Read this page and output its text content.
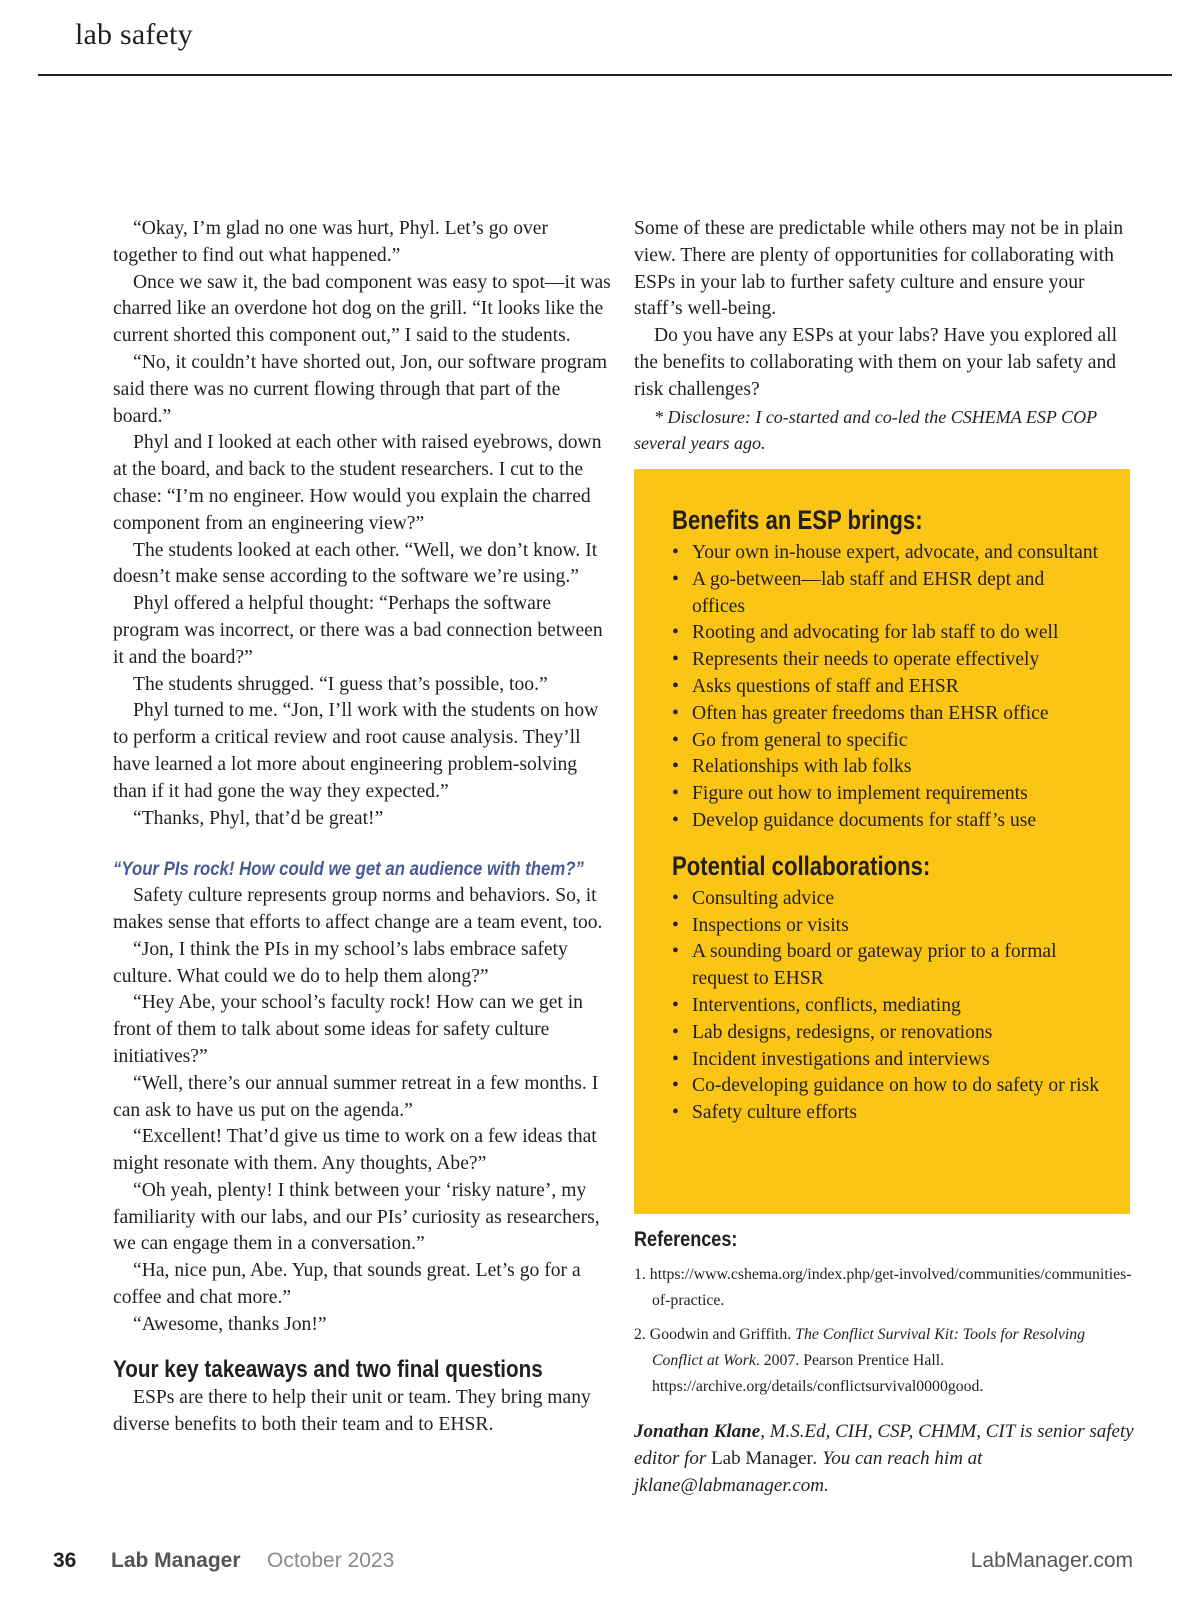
lab safety

“Okay, I’m glad no one was hurt, Phyl. Let’s go over together to find out what happened.”

Once we saw it, the bad component was easy to spot—it was charred like an overdone hot dog on the grill. “It looks like the current shorted this component out,” I said to the students.

“No, it couldn’t have shorted out, Jon, our software program said there was no current flowing through that part of the board.”

Phyl and I looked at each other with raised eyebrows, down at the board, and back to the student researchers. I cut to the chase: “I’m no engineer. How would you explain the charred component from an engineering view?”

The students looked at each other. “Well, we don’t know. It doesn’t make sense according to the software we’re using.”

Phyl offered a helpful thought: “Perhaps the software program was incorrect, or there was a bad connection between it and the board?”

The students shrugged. “I guess that’s possible, too.”

Phyl turned to me. “Jon, I’ll work with the students on how to perform a critical review and root cause analysis. They’ll have learned a lot more about engineering problem-solving than if it had gone the way they expected.”

“Thanks, Phyl, that’d be great!”

“Your PIs rock! How could we get an audience with them?”

Safety culture represents group norms and behaviors. So, it makes sense that efforts to affect change are a team event, too.

“Jon, I think the PIs in my school’s labs embrace safety culture. What could we do to help them along?”

“Hey Abe, your school’s faculty rock! How can we get in front of them to talk about some ideas for safety culture initiatives?”

“Well, there’s our annual summer retreat in a few months. I can ask to have us put on the agenda.”

“Excellent! That’d give us time to work on a few ideas that might resonate with them. Any thoughts, Abe?”

“Oh yeah, plenty! I think between your ‘risky nature’, my familiarity with our labs, and our PIs’ curiosity as researchers, we can engage them in a conversation.”

“Ha, nice pun, Abe. Yup, that sounds great. Let’s go for a coffee and chat more.”

“Awesome, thanks Jon!”

Your key takeaways and two final questions

ESPs are there to help their unit or team. They bring many diverse benefits to both their team and to EHSR.

Some of these are predictable while others may not be in plain view. There are plenty of opportunities for collaborating with ESPs in your lab to further safety culture and ensure your staff’s well-being.

Do you have any ESPs at your labs? Have you explored all the benefits to collaborating with them on your lab safety and risk challenges?

* Disclosure: I co-started and co-led the CSHEMA ESP COP several years ago.

Benefits an ESP brings:
• Your own in-house expert, advocate, and consultant
• A go-between—lab staff and EHSR dept and offices
• Rooting and advocating for lab staff to do well
• Represents their needs to operate effectively
• Asks questions of staff and EHSR
• Often has greater freedoms than EHSR office
• Go from general to specific
• Relationships with lab folks
• Figure out how to implement requirements
• Develop guidance documents for staff’s use
Potential collaborations:
• Consulting advice
• Inspections or visits
• A sounding board or gateway prior to a formal request to EHSR
• Interventions, conflicts, mediating
• Lab designs, redesigns, or renovations
• Incident investigations and interviews
• Co-developing guidance on how to do safety or risk
• Safety culture efforts
References:
1. https://www.cshema.org/index.php/get-involved/communities/communities-of-practice.
2. Goodwin and Griffith. The Conflict Survival Kit: Tools for Resolving Conflict at Work. 2007. Pearson Prentice Hall. https://archive.org/details/conflictsurvival0000good.
Jonathan Klane, M.S.Ed, CIH, CSP, CHMM, CIT is senior safety editor for Lab Manager. You can reach him at jklane@labmanager.com.
36 Lab Manager October 2023	LabManager.com
